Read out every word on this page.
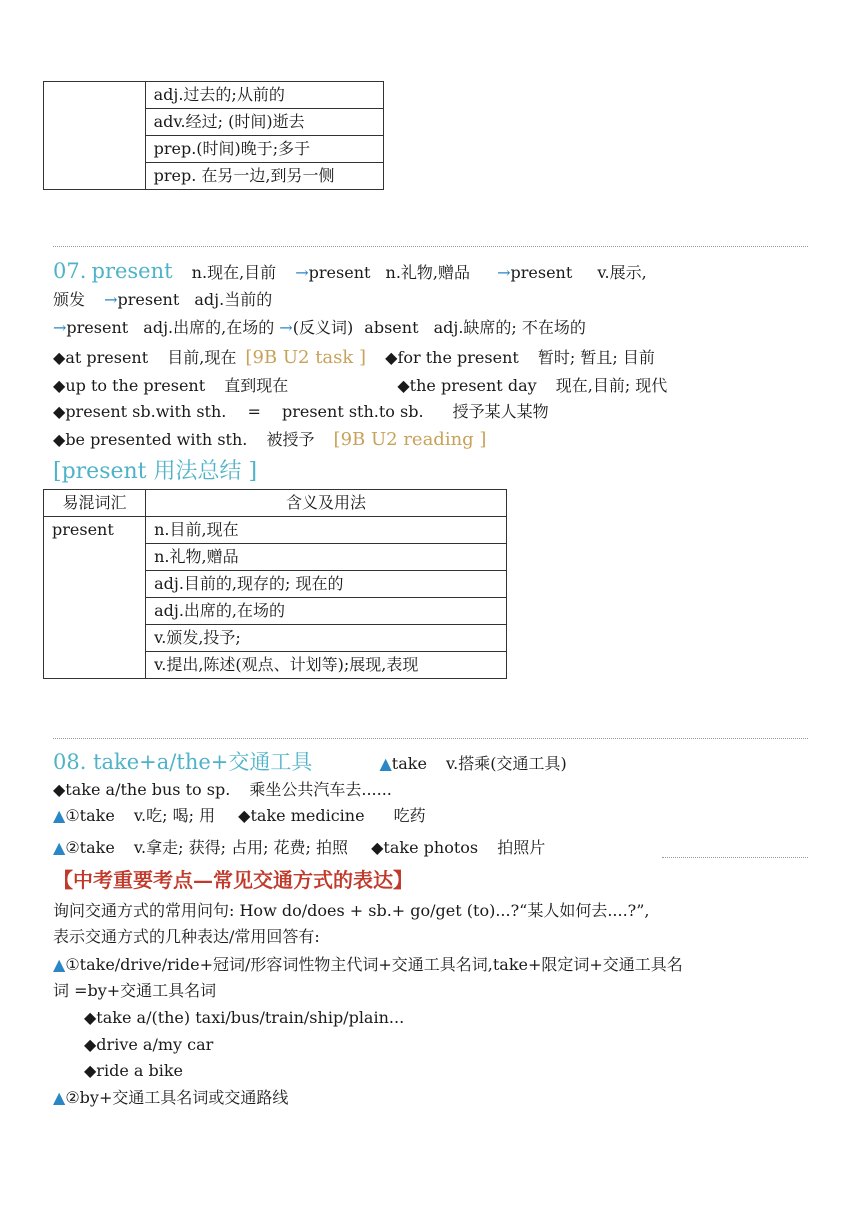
	adj.过去的;从前的
adv.经过; (时间)逝去
prep.(时间)晚于;多于
prep. 在另一边,到另一侧
07. present n.现在,目前 →present n.礼物,赠品 →present v.展示,
颁发 →present adj.当前的
→present adj.出席的,在场的 →(反义词) absent adj.缺席的; 不在场的
◆at present 目前,现在 [9B U2 task ] ◆for the present 暂时; 暂且; 目前
◆up to the present 直到现在	◆the present day 现在,目前; 现代
◆present sb.with sth. = present sth.to sb. 授予某人某物
◆be presented with sth. 被授予 [9B U2 reading ]
[present 用法总结 ]
易混词汇	含义及用法
present	n.目前,现在
	n.礼物,赠品
	adj.目前的,现存的; 现在的
	adj.出席的,在场的
	v.颁发,投予;
	v.提出,陈述(观点、计划等);展现,表现
08. take+a/the+交通工具	▲take v.搭乘(交通工具)
◆take a/the bus to sp. 乘坐公共汽车去......
▲①take v.吃; 喝; 用 ◆take medicine 吃药
▲②take v.拿走; 获得; 占用; 花费; 拍照 ◆take photos 拍照片
【中考重要考点—常见交通方式的表达】
询问交通方式的常用问句: How do/does + sb.+ go/get (to)...?“某人如何去....?”,
表示交通方式的几种表达/常用回答有:
▲①take/drive/ride+冠词/形容词性物主代词+交通工具名词,take+限定词+交通工具名
词 =by+交通工具名词
◆take a/(the) taxi/bus/train/ship/plain...
◆drive a/my car
◆ride a bike
▲②by+交通工具名词或交通路线
